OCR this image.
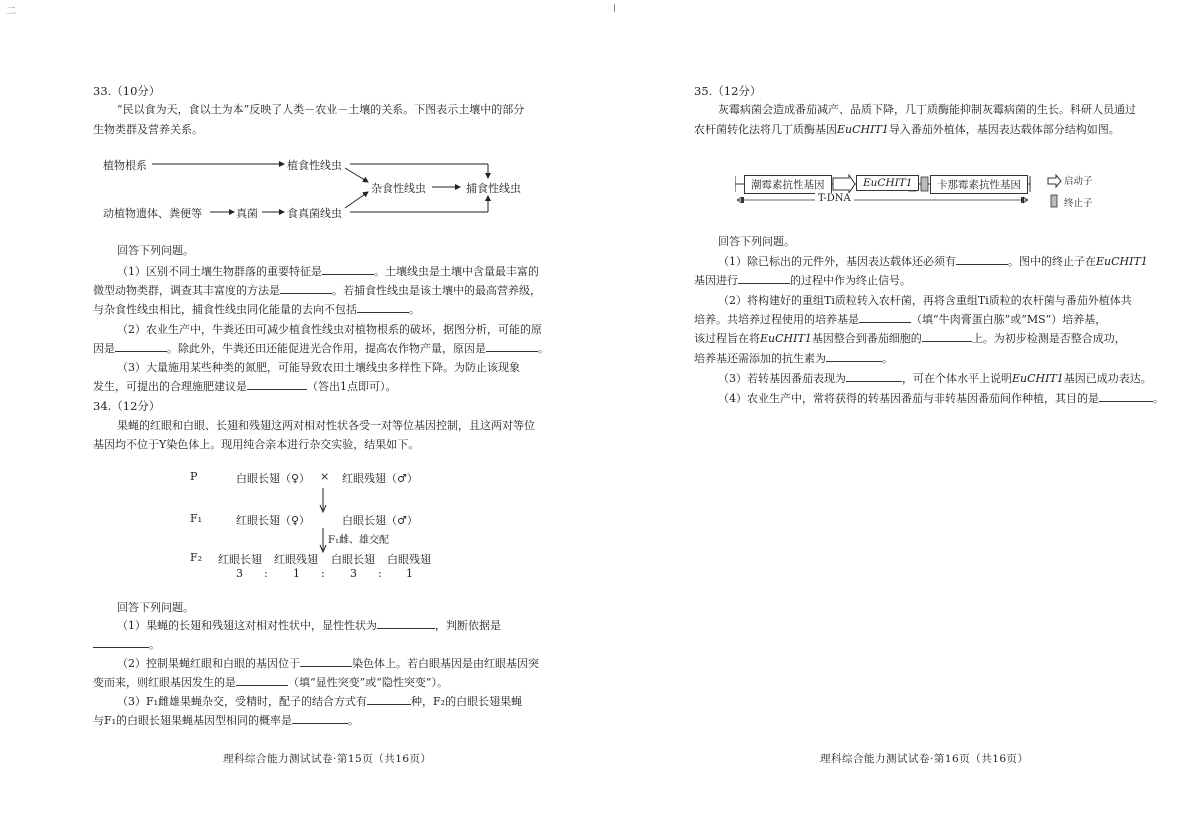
二
33.（10分）
“民以食为天，食以土为本”反映了人类－农业－土壤的关系。下图表示土壤中的部分
生物类群及营养关系。
植物根系	植食性线虫
杂食性线虫	捕食性线虫
动植物遗体、粪便等	真菌	食真菌线虫
回答下列问题。
（1）区别不同土壤生物群落的重要特征是	。土壤线虫是土壤中含量最丰富的
微型动物类群，调查其丰富度的方法是	。若捕食性线虫是该土壤中的最高营养级，
与杂食性线虫相比，捕食性线虫同化能量的去向不包括	。
（2）农业生产中，牛粪还田可减少植食性线虫对植物根系的破坏，据图分析，可能的原
因是	。除此外，牛粪还田还能促进光合作用，提高农作物产量，原因是	。
（3）大量施用某些种类的氮肥，可能导致农田土壤线虫多样性下降。为防止该现象
发生，可提出的合理施肥建议是	（答出1点即可）。
34.（12分）
果蝇的红眼和白眼、长翅和残翅这两对相对性状各受一对等位基因控制，且这两对等位
基因均不位于Y染色体上。现用纯合亲本进行杂交实验，结果如下。
P	白眼长翅（♀） × 红眼残翅（♂）
F₁	红眼长翅（♀）	白眼长翅（♂）
F₁雌、雄交配
F₂ 红眼长翅 红眼残翅 白眼长翅 白眼残翅
3 : 1 : 3 : 1
回答下列问题。
（1）果蝇的长翅和残翅这对相对性状中，显性性状为	，判断依据是
。
（2）控制果蝇红眼和白眼的基因位于	染色体上。若白眼基因是由红眼基因突
变而来，则红眼基因发生的是	（填“显性突变”或“隐性突变”）。
（3）F₁雌雄果蝇杂交，受精时，配子的结合方式有	种，F₂的白眼长翅果蝇
与F₁的白眼长翅果蝇基因型相同的概率是	。
理科综合能力测试试卷·第15页（共16页）
35.（12分）
灰霉病菌会造成番茄减产、品质下降，几丁质酶能抑制灰霉病菌的生长。科研人员通过
农杆菌转化法将几丁质酶基因EuCHIT1导入番茄外植体，基因表达载体部分结构如图。
潮霉素抗性基因	EuCHIT1	卡那霉素抗性基因
T-DNA
启动子
终止子
回答下列问题。
（1）除已标出的元件外，基因表达载体还必须有	。图中的终止子在EuCHIT1
基因进行	的过程中作为终止信号。
（2）将构建好的重组Ti质粒转入农杆菌，再将含重组Ti质粒的农杆菌与番茄外植体共
培养。共培养过程使用的培养基是	（填“牛肉膏蛋白胨”或“MS”）培养基，
该过程旨在将EuCHIT1基因整合到番茄细胞的	上。为初步检测是否整合成功，
培养基还需添加的抗生素为	。
（3）若转基因番茄表现为	，可在个体水平上说明EuCHIT1基因已成功表达。
（4）农业生产中，常将获得的转基因番茄与非转基因番茄间作种植，其目的是	。
理科综合能力测试试卷·第16页（共16页）
